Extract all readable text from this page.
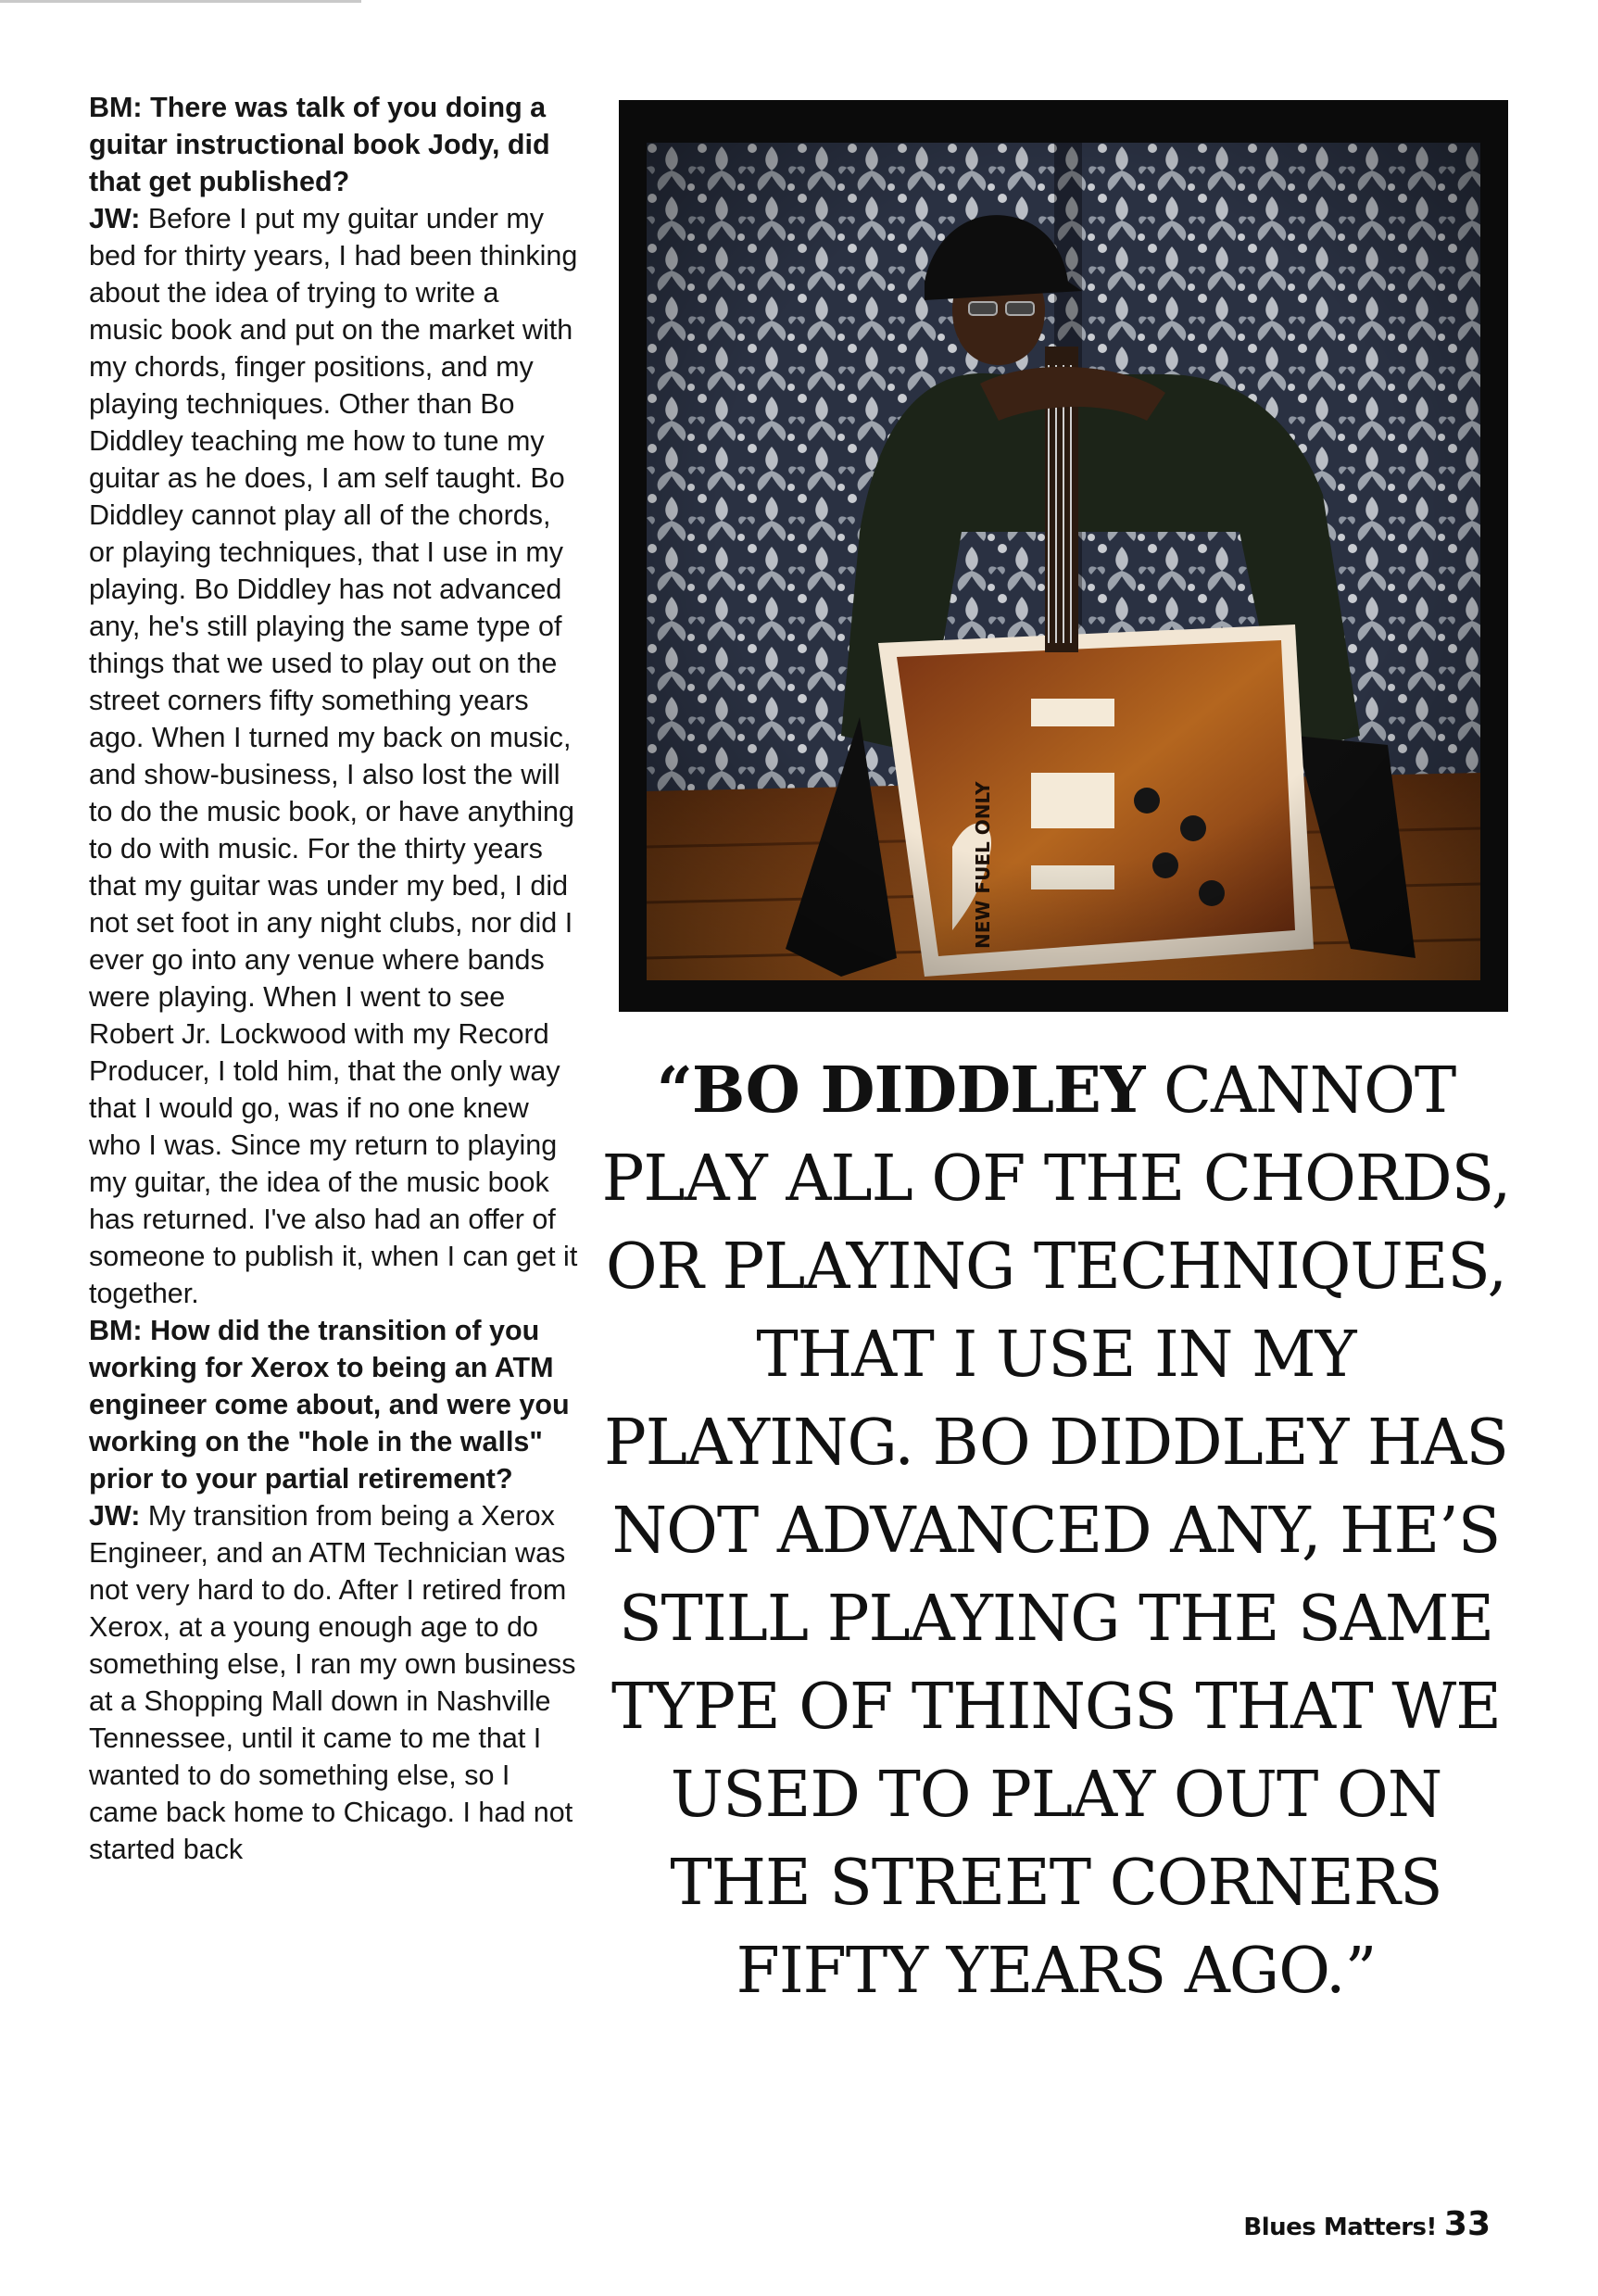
BM: There was talk of you doing a guitar instructional book Jody, did that get published?

JW: Before I put my guitar under my bed for thirty years, I had been thinking about the idea of trying to write a music book and put on the market with my chords, finger positions, and my playing techniques. Other than Bo Diddley teaching me how to tune my guitar as he does, I am self taught. Bo Diddley cannot play all of the chords, or playing techniques, that I use in my playing. Bo Diddley has not advanced any, he's still playing the same type of things that we used to play out on the street corners fifty something years ago. When I turned my back on music, and show-business, I also lost the will to do the music book, or have anything to do with music. For the thirty years that my guitar was under my bed, I did not set foot in any night clubs, nor did I ever go into any venue where bands were playing. When I went to see Robert Jr. Lockwood with my Record Producer, I told him, that the only way that I would go, was if no one knew who I was. Since my return to playing my guitar, the idea of the music book has returned. I've also had an offer of someone to publish it, when I can get it together.

BM: How did the transition of you working for Xerox to being an ATM engineer come about, and were you working on the "hole in the walls" prior to your partial retirement?

JW: My transition from being a Xerox Engineer, and an ATM Technician was not very hard to do. After I retired from Xerox, at a young enough age to do something else, I ran my own business at a Shopping Mall down in Nashville Tennessee, until it came to me that I wanted to do something else, so I came back home to Chicago. I had not started back

“BO DIDDLEY CANNOT PLAY ALL OF THE CHORDS, OR PLAYING TECHNIQUES, THAT I USE IN MY PLAYING. BO DIDDLEY HAS NOT ADVANCED ANY, HE’S STILL PLAYING THE SAME TYPE OF THINGS THAT WE USED TO PLAY OUT ON THE STREET CORNERS FIFTY YEARS AGO.”
Blues Matters! 33
